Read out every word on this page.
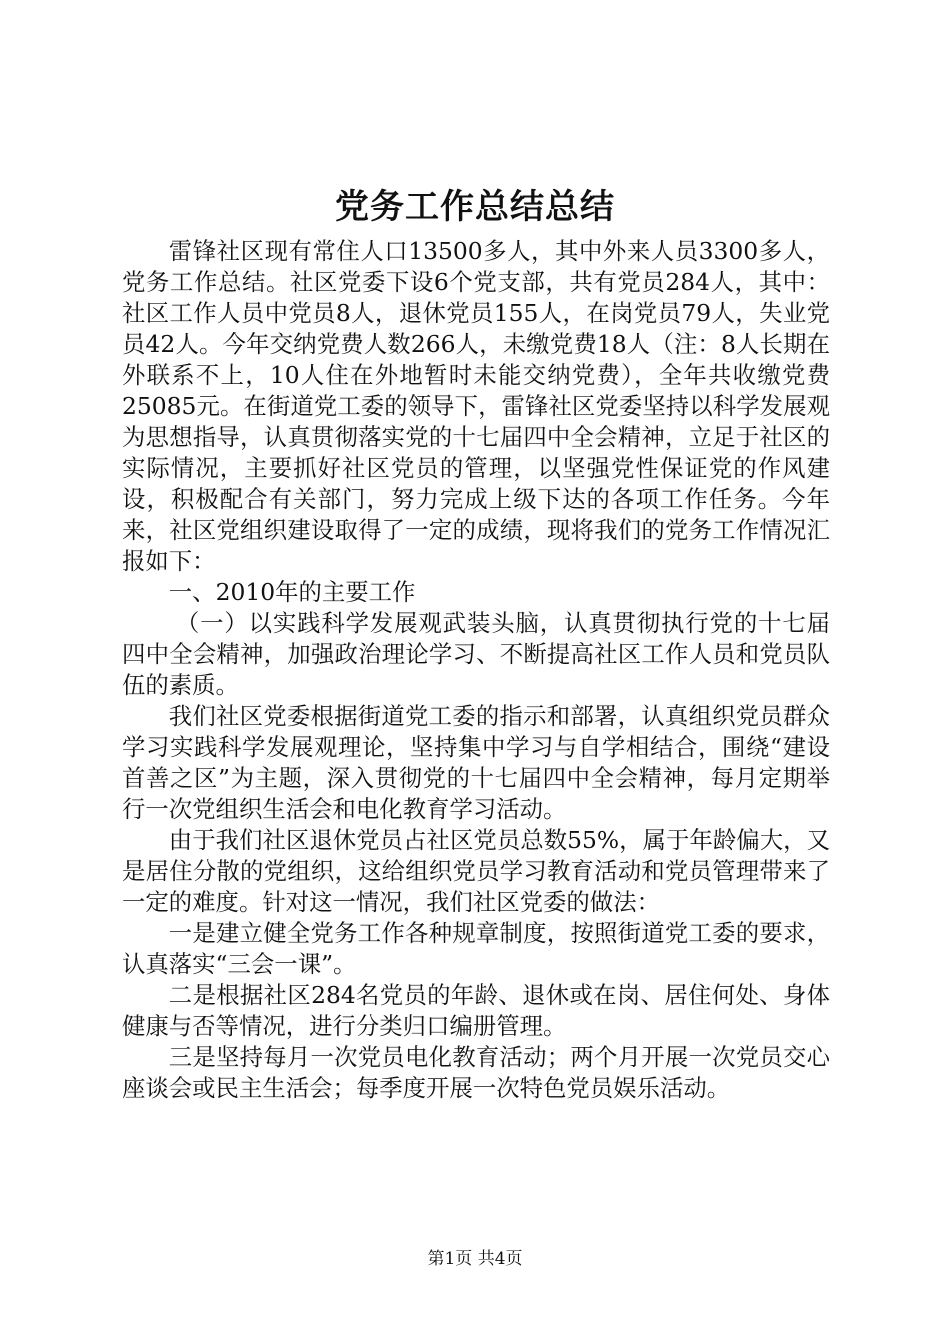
党务工作总结总结

雷锋社区现有常住人口13500多人，其中外来人员3300多人，党务工作总结。社区党委下设6个党支部，共有党员284人，其中：社区工作人员中党员8人，退休党员155人，在岗党员79人，失业党员42人。今年交纳党费人数266人，未缴党费18人（注：8人长期在外联系不上，10人住在外地暂时未能交纳党费），全年共收缴党费25085元。在街道党工委的领导下，雷锋社区党委坚持以科学发展观为思想指导，认真贯彻落实党的十七届四中全会精神，立足于社区的实际情况，主要抓好社区党员的管理，以坚强党性保证党的作风建设，积极配合有关部门，努力完成上级下达的各项工作任务。今年来，社区党组织建设取得了一定的成绩，现将我们的党务工作情况汇报如下：

一、2010年的主要工作

（一）以实践科学发展观武装头脑，认真贯彻执行党的十七届四中全会精神，加强政治理论学习、不断提高社区工作人员和党员队伍的素质。

我们社区党委根据街道党工委的指示和部署，认真组织党员群众学习实践科学发展观理论，坚持集中学习与自学相结合，围绕“建设首善之区”为主题，深入贯彻党的十七届四中全会精神，每月定期举行一次党组织生活会和电化教育学习活动。

由于我们社区退休党员占社区党员总数55%，属于年龄偏大，又是居住分散的党组织，这给组织党员学习教育活动和党员管理带来了一定的难度。针对这一情况，我们社区党委的做法：

一是建立健全党务工作各种规章制度，按照街道党工委的要求，认真落实“三会一课”。

二是根据社区284名党员的年龄、退休或在岗、居住何处、身体健康与否等情况，进行分类归口编册管理。

三是坚持每月一次党员电化教育活动；两个月开展一次党员交心座谈会或民主生活会；每季度开展一次特色党员娱乐活动。

第1页 共4页
